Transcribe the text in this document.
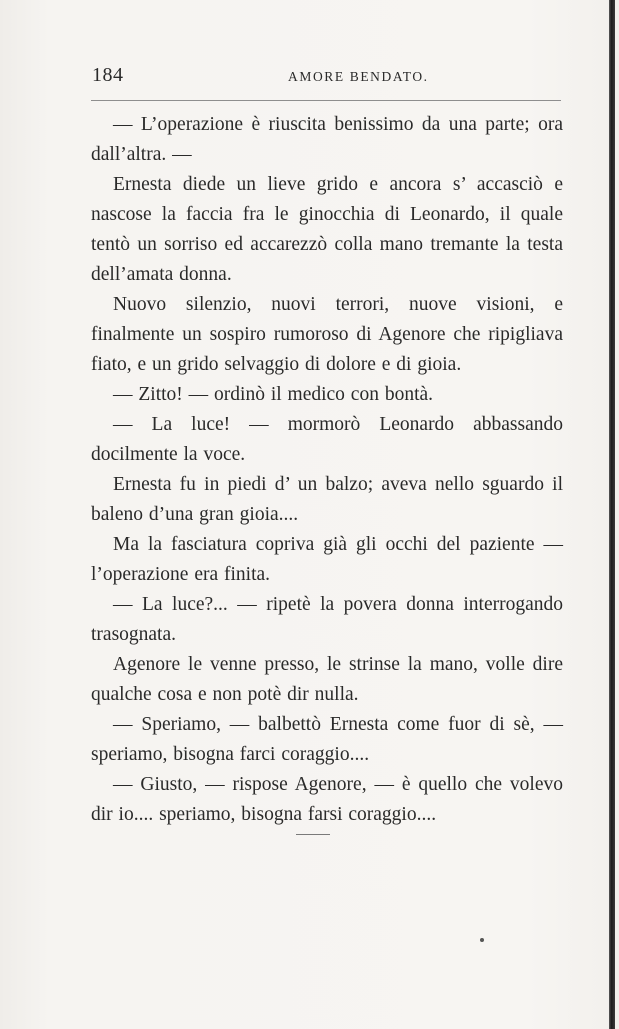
184	AMORE BENDATO.

— L’operazione è riuscita benissimo da una parte; ora dall’altra. —

Ernesta diede un lieve grido e ancora s’ accasciò e nascose la faccia fra le ginocchia di Leonardo, il quale tentò un sorriso ed accarezzò colla mano tremante la testa dell’amata donna.

Nuovo silenzio, nuovi terrori, nuove visioni, e finalmente un sospiro rumoroso di Agenore che ripigliava fiato, e un grido selvaggio di dolore e di gioia.

— Zitto! — ordinò il medico con bontà.

— La luce! — mormorò Leonardo abbassando docilmente la voce.

Ernesta fu in piedi d’ un balzo; aveva nello sguardo il baleno d’una gran gioia....

Ma la fasciatura copriva già gli occhi del paziente — l’operazione era finita.

— La luce?... — ripetè la povera donna interrogando trasognata.

Agenore le venne presso, le strinse la mano, volle dire qualche cosa e non potè dir nulla.

— Speriamo, — balbettò Ernesta come fuor di sè, — speriamo, bisogna farci coraggio....

— Giusto, — rispose Agenore, — è quello che volevo dir io.... speriamo, bisogna farsi coraggio....
